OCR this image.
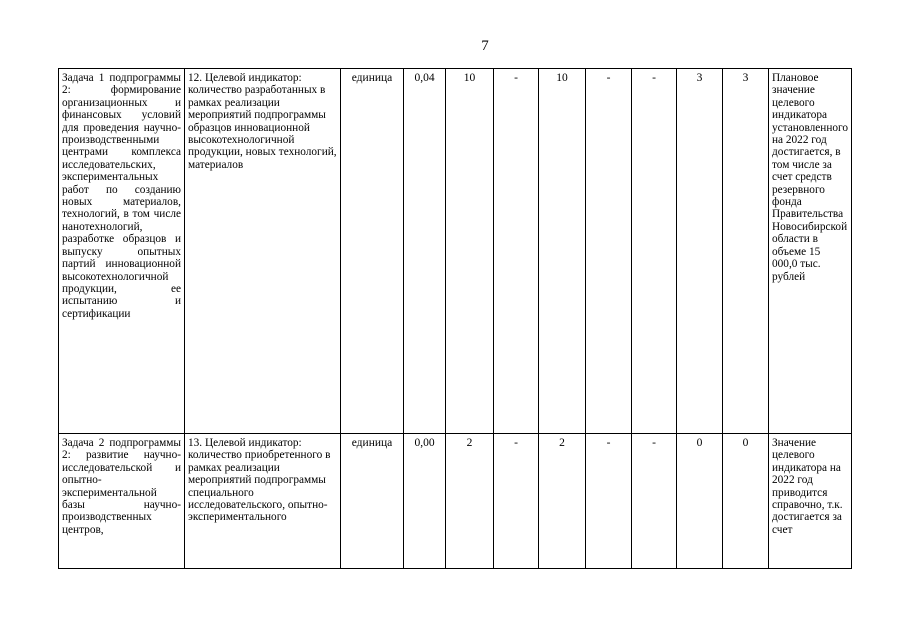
7
Задача 1 подпрограммы 2: формирование организационных и финансовых условий для проведения научно-производственными центрами комплекса исследовательских, экспериментальных работ по созданию новых материалов, технологий, в том числе нанотехнологий, разработке образцов и выпуску опытных партий инновационной высокотехнологичной продукции, ее испытанию и сертификации	12. Целевой индикатор: количество разработанных в рамках реализации мероприятий подпрограммы образцов инновационной высокотехнологичной продукции, новых технологий, материалов	единица	0,04	10	-	10	-	-	3	3	Плановое значение целевого индикатора установленного на 2022 год достигается, в том числе за счет средств резервного фонда Правительства Новосибирской области в объеме 15 000,0 тыс. рублей

Задача 2 подпрограммы 2: развитие научно-исследовательской и опытно-экспериментальной базы научно-производственных центров,	13. Целевой индикатор: количество приобретенного в рамках реализации мероприятий подпрограммы специального исследовательского, опытно-экспериментального	единица	0,00	2	-	2	-	-	0	0	Значение целевого индикатора на 2022 год приводится справочно, т.к. достигается за счет
